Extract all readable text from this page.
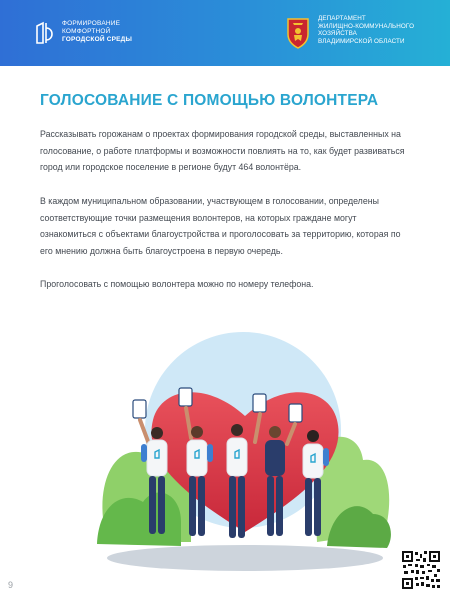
ФОРМИРОВАНИЕ
КОМФОРТНОЙ
ГОРОДСКОЙ СРЕДЫ
ДЕПАРТАМЕНТ
ЖИЛИЩНО-КОММУНАЛЬНОГО
ХОЗЯЙСТВА
ВЛАДИМИРСКОЙ ОБЛАСТИ
ГОЛОСОВАНИЕ С ПОМОЩЬЮ ВОЛОНТЕРА

Рассказывать горожанам о проектах формирования городской среды, выставленных на голосование, о работе платформы и возможности повлиять на то, как будет развиваться город или городское поселение в регионе будут 464 волонтёра.

В каждом муниципальном образовании, участвующем в голосовании, определены соответствующие точки размещения волонтеров, на которых граждане могут ознакомиться с объектами благоустройства и проголосовать за территорию, которая по его мнению должна быть благоустроена в первую очередь.

Проголосовать с помощью волонтера можно по номеру телефона.

9
